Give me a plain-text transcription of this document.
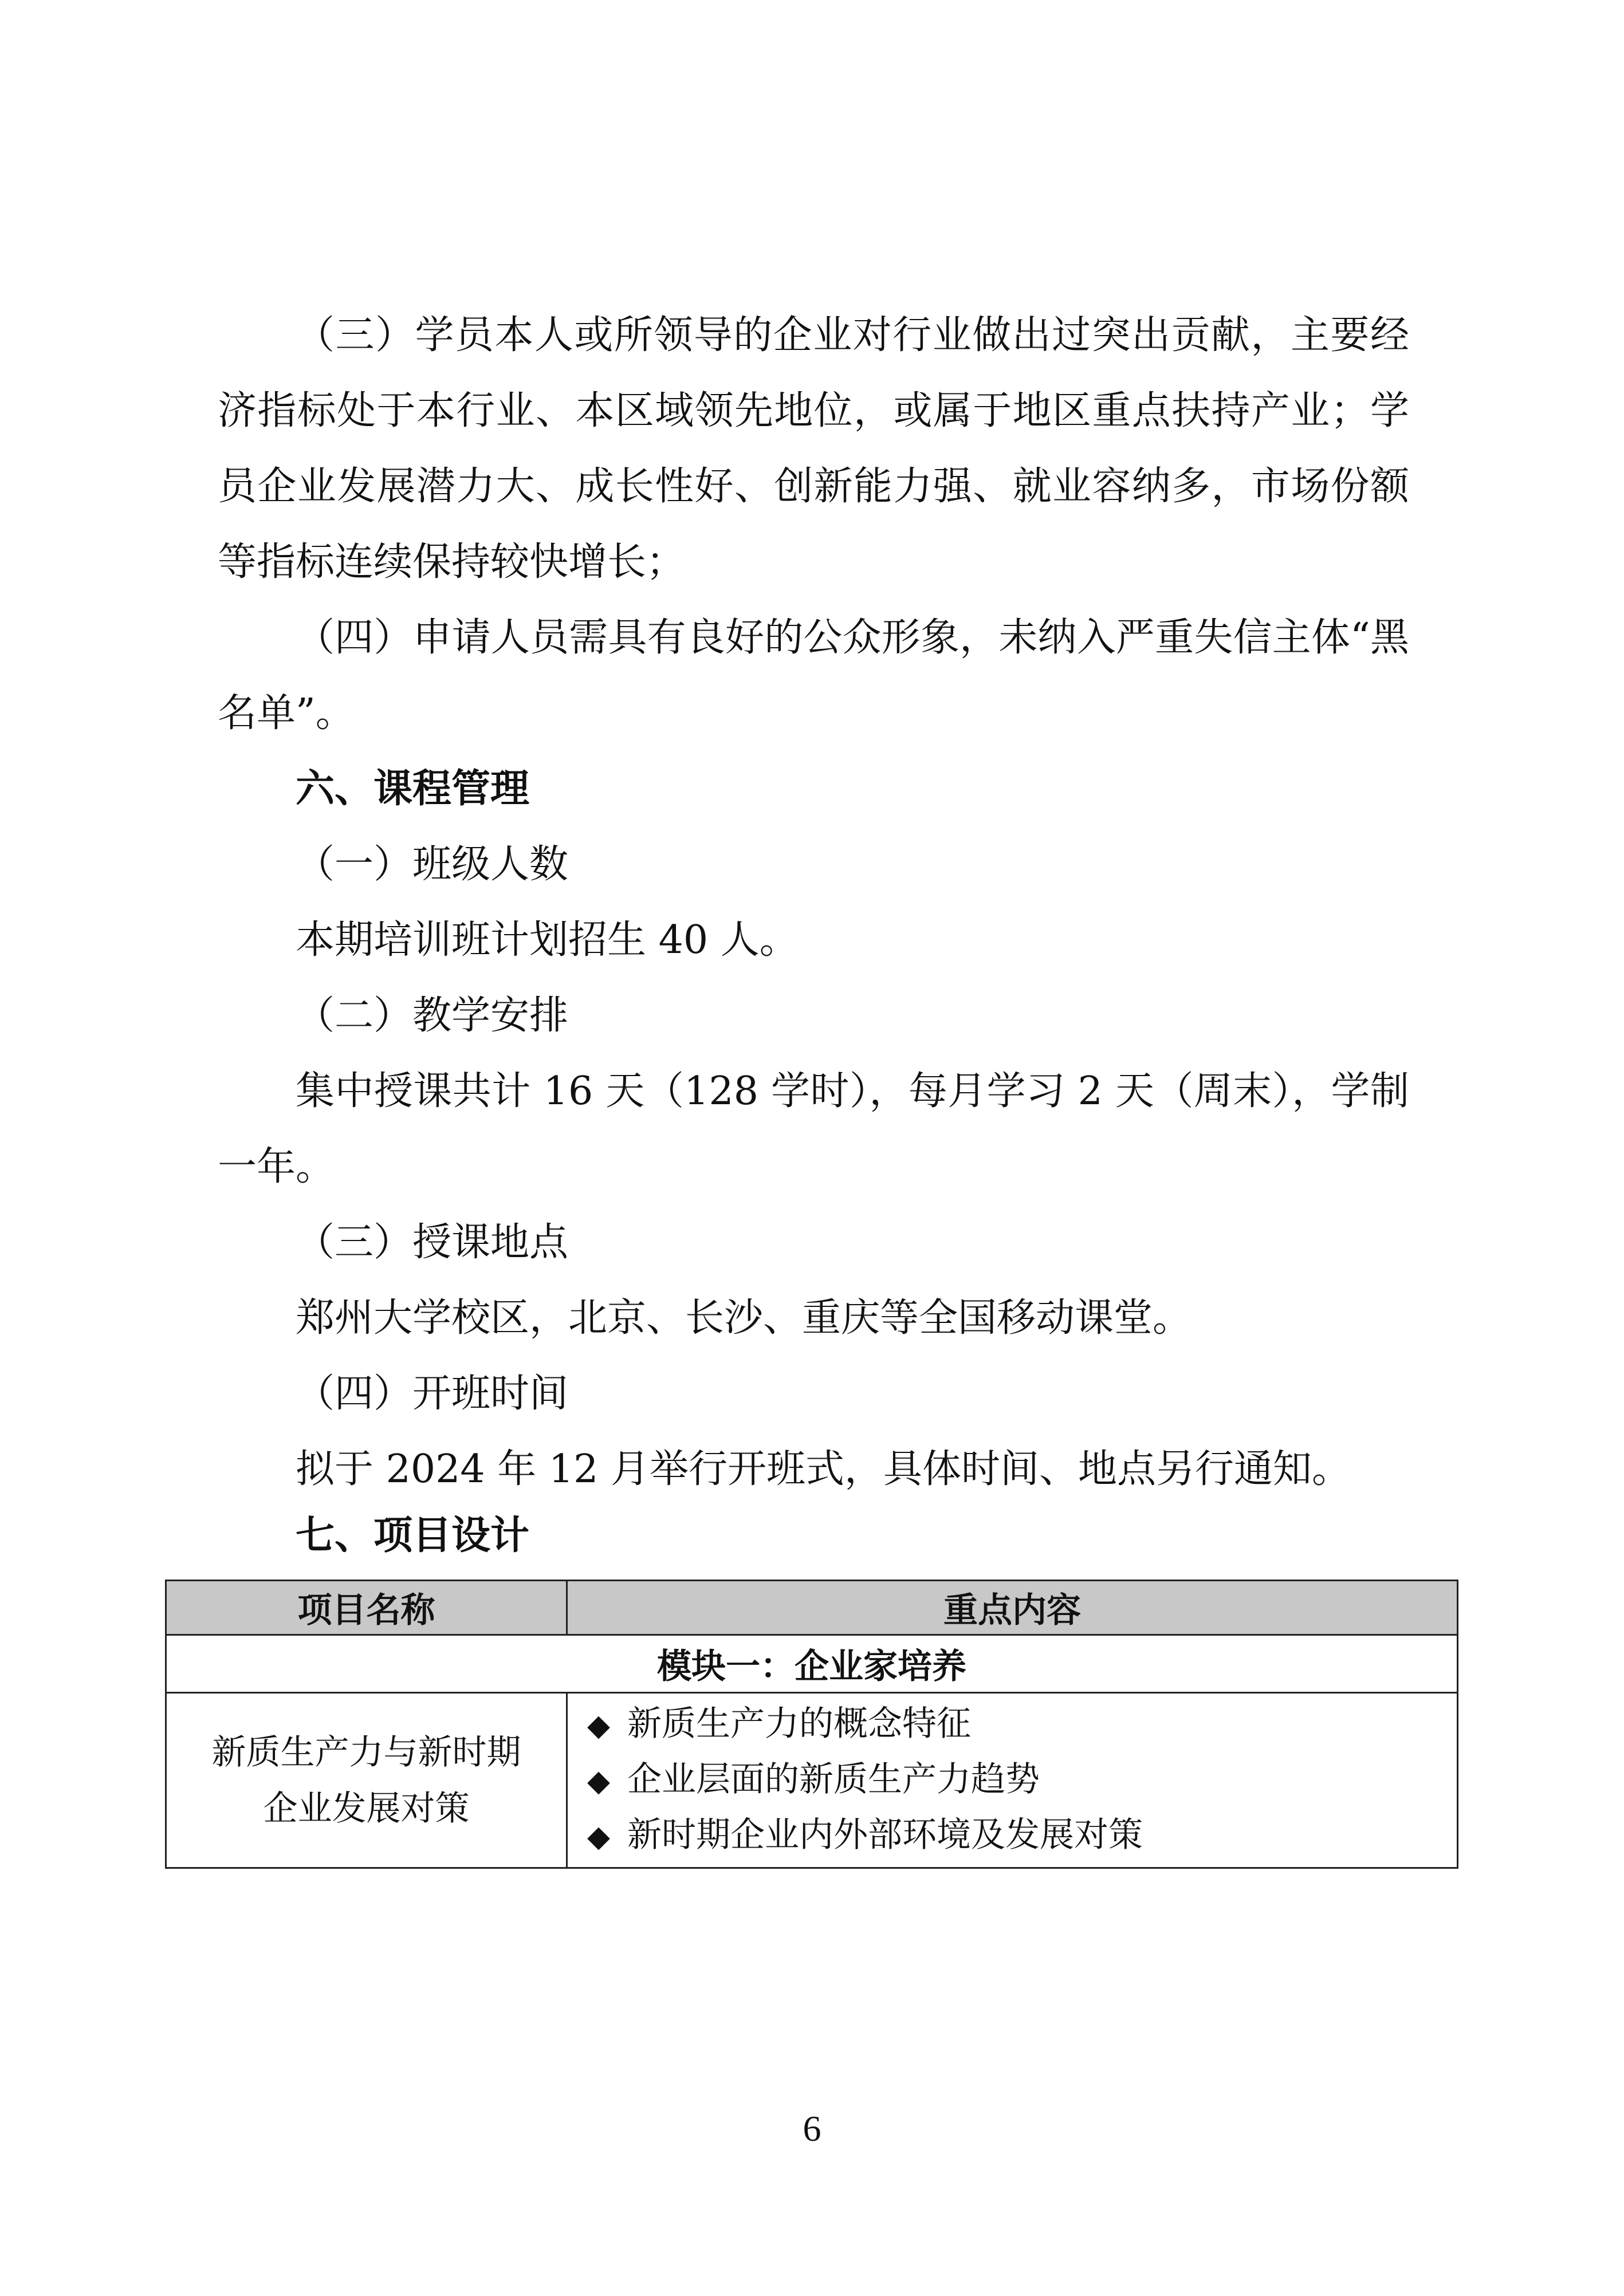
（三）学员本人或所领导的企业对行业做出过突出贡献，主要经济指标处于本行业、本区域领先地位，或属于地区重点扶持产业；学员企业发展潜力大、成长性好、创新能力强、就业容纳多，市场份额等指标连续保持较快增长；

（四）申请人员需具有良好的公众形象，未纳入严重失信主体“黑名单”。

六、课程管理

（一）班级人数

本期培训班计划招生 40 人。

（二）教学安排

集中授课共计 16 天（128 学时），每月学习 2 天（周末），学制一年。

（三）授课地点

郑州大学校区，北京、长沙、重庆等全国移动课堂。

（四）开班时间

拟于 2024 年 12 月举行开班式，具体时间、地点另行通知。

七、项目设计

项目名称	重点内容
模块一：企业家培养	
新质生产力与新时期
企业发展对策	◆ 新质生产力的概念特征
◆ 企业层面的新质生产力趋势
◆ 新时期企业内外部环境及发展对策
6
